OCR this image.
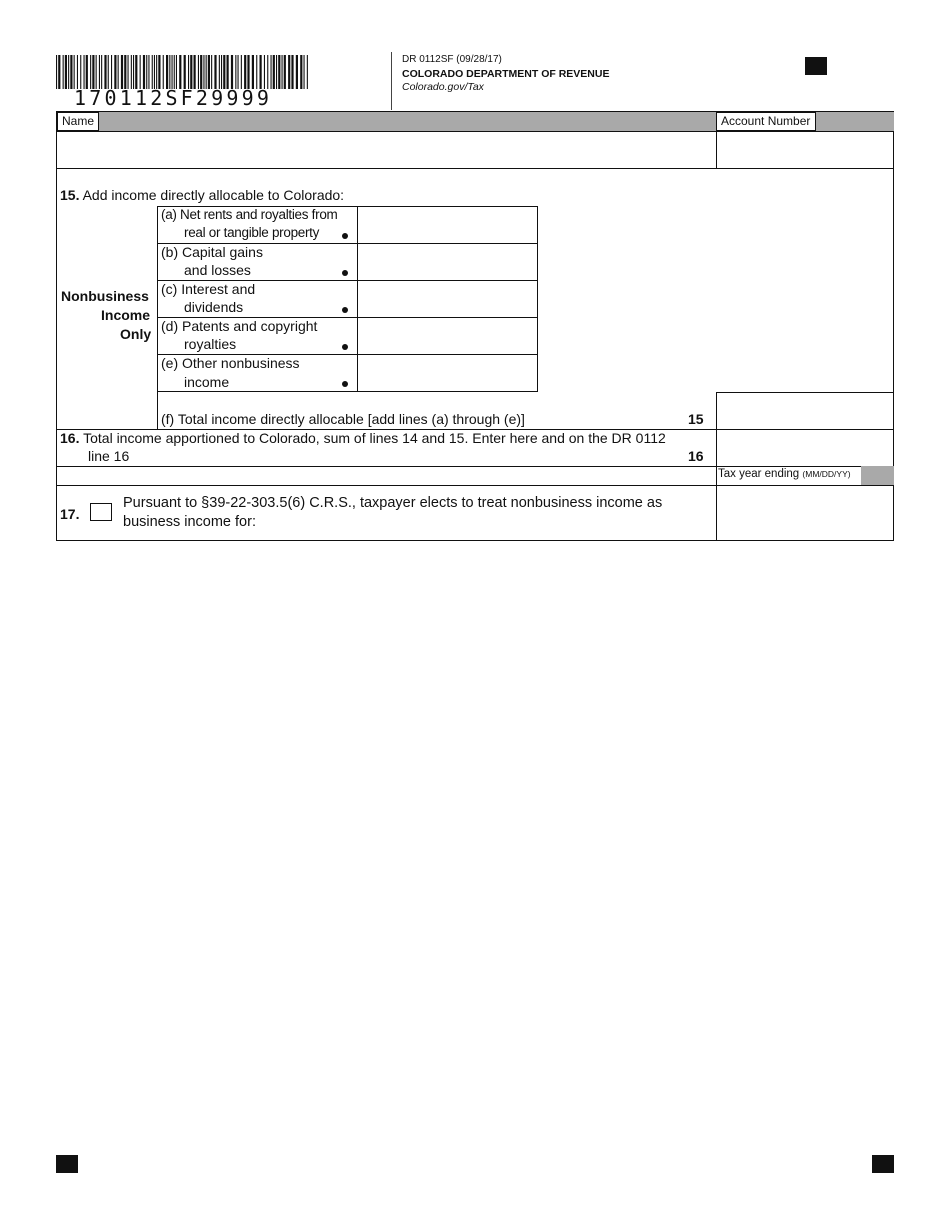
170112SF29999
DR 0112SF (09/28/17)
COLORADO DEPARTMENT OF REVENUE
Colorado.gov/Tax
Name	Account Number
15. Add income directly allocable to Colorado:
Nonbusiness
Income
Only
(a) Net rents and royalties from
real or tangible property
(b) Capital gains
and losses
(c) Interest and
dividends
(d) Patents and copyright
royalties
(e) Other nonbusiness
income
(f) Total income directly allocable [add lines (a) through (e)]	15
16. Total income apportioned to Colorado, sum of lines 14 and 15. Enter here and on the DR 0112
line 16	16
Tax year ending (MM/DD/YY)
17.
Pursuant to §39-22-303.5(6) C.R.S., taxpayer elects to treat nonbusiness income as
business income for:
